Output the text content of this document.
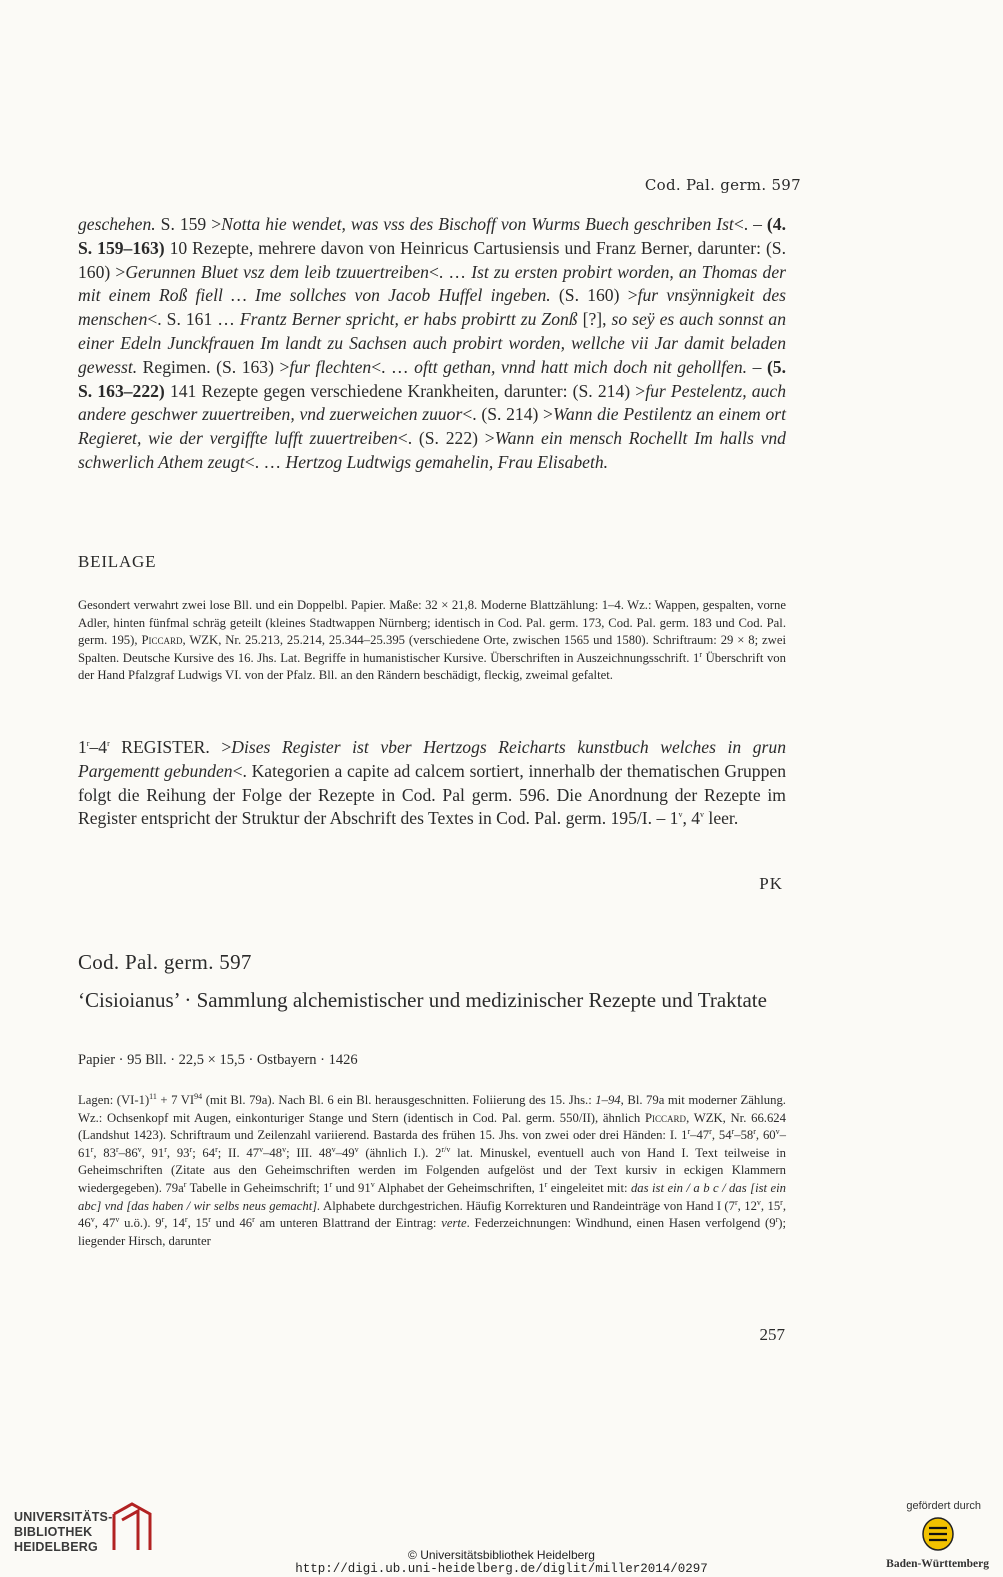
Cod. Pal. germ. 597
geschehen. S. 159 >Notta hie wendet, was vss des Bischoff von Wurms Buech geschriben Ist<. – (4. S. 159–163) 10 Rezepte, mehrere davon von Heinricus Cartusiensis und Franz Berner, darunter: (S. 160) >Gerunnen Bluet vsz dem leib tzuuertreiben<. … Ist zu ersten probirt worden, an Thomas der mit einem Roß fiell … Ime sollches von Jacob Huffel ingeben. (S. 160) >fur vnsÿnnigkeit des menschen<. S. 161 … Frantz Berner spricht, er habs probirtt zu Zonß [?], so seÿ es auch sonnst an einer Edeln Junckfrauen Im landt zu Sachsen auch probirt worden, wellche vii Jar damit beladen gewesst. Regimen. (S. 163) >fur flechten<. … oftt gethan, vnnd hatt mich doch nit gehollfen. – (5. S. 163–222) 141 Rezepte gegen verschiedene Krankheiten, darunter: (S. 214) >fur Pestelentz, auch andere geschwer zuuertreiben, vnd zuerweichen zuuor<. (S. 214) >Wann die Pestilentz an einem ort Regieret, wie der vergiffte lufft zuuertreiben<. (S. 222) >Wann ein mensch Rochellt Im halls vnd schwerlich Athem zeugt<. … Hertzog Ludtwigs gemahelin, Frau Elisabeth.
BEILAGE
Gesondert verwahrt zwei lose Bll. und ein Doppelbl. Papier. Maße: 32 × 21,8. Moderne Blattzählung: 1–4. Wz.: Wappen, gespalten, vorne Adler, hinten fünfmal schräg geteilt (kleines Stadtwappen Nürnberg; identisch in Cod. Pal. germ. 173, Cod. Pal. germ. 183 und Cod. Pal. germ. 195), Piccard, WZK, Nr. 25.213, 25.214, 25.344–25.395 (verschiedene Orte, zwischen 1565 und 1580). Schriftraum: 29 × 8; zwei Spalten. Deutsche Kursive des 16. Jhs. Lat. Begriffe in humanistischer Kursive. Überschriften in Auszeichnungsschrift. 1$^r$ Überschrift von der Hand Pfalzgraf Ludwigs VI. von der Pfalz. Bll. an den Rändern beschädigt, fleckig, zweimal gefaltet.
1$^r$–4$^r$ REGISTER. >Dises Register ist vber Hertzogs Reicharts kunstbuch welches in grun Pargementt gebunden<. Kategorien a capite ad calcem sortiert, innerhalb der thematischen Gruppen folgt die Reihung der Folge der Rezepte in Cod. Pal germ. 596. Die Anordnung der Rezepte im Register entspricht der Struktur der Abschrift des Textes in Cod. Pal. germ. 195/I. – 1$^v$, 4$^v$ leer.
PK
Cod. Pal. germ. 597
‘Cisioianus’ · Sammlung alchemistischer und medizinischer Rezepte und Traktate
Papier · 95 Bll. · 22,5 × 15,5 · Ostbayern · 1426
Lagen: $(VI-1)^{11} + 7$ VI$^{94}$ (mit Bl. 79a). Nach Bl. 6 ein Bl. herausgeschnitten. Foliierung des 15. Jhs.: 1–94, Bl. 79a mit moderner Zählung. Wz.: Ochsenkopf mit Augen, einkonturiger Stange und Stern (identisch in Cod. Pal. germ. 550/II), ähnlich Piccard, WZK, Nr. 66.624 (Landshut 1423). Schriftraum und Zeilenzahl variierend. Bastarda des frühen 15. Jhs. von zwei oder drei Händen: I. 1$^r$–47$^r$, 54$^r$–58$^r$, 60$^v$–61$^r$, 83$^r$–86$^v$, 91$^r$, 93$^r$; 64$^r$; II. 47$^v$–48$^v$; III. 48$^v$–49$^v$ (ähnlich I.). $2^{r/v}$ lat. Minuskel, eventuell auch von Hand I. Text teilweise in Geheimschriften (Zitate aus den Geheimschriften werden im Folgenden aufgelöst und der Text kursiv in eckigen Klammern wiedergegeben). $79a^r$ Tabelle in Geheimschrift; 1$^r$ und 91$^v$ Alphabet der Geheimschriften, 1$^r$ eingeleitet mit: das ist ein / a b c / das [ist ein abc] vnd [das haben / wir selbs neus gemacht]. Alphabete durchgestrichen. Häufig Korrekturen und Randeinträge von Hand I (7$^r$, 12$^v$, 15$^r$, 46$^v$, 47$^v$ u.ö.). 9$^r$, 14$^r$, 15$^r$ und 46$^r$ am unteren Blattrand der Eintrag: verte. Federzeichnungen: Windhund, einen Hasen verfolgend (9$^r$); liegender Hirsch, darunter
257
UNIVERSITÄTS-
BIBLIOTHEK
HEIDELBERG
© Universitätsbibliothek Heidelberg
http://digi.ub.uni-heidelberg.de/diglit/miller2014/0297
gefördert durch
Baden-Württemberg
